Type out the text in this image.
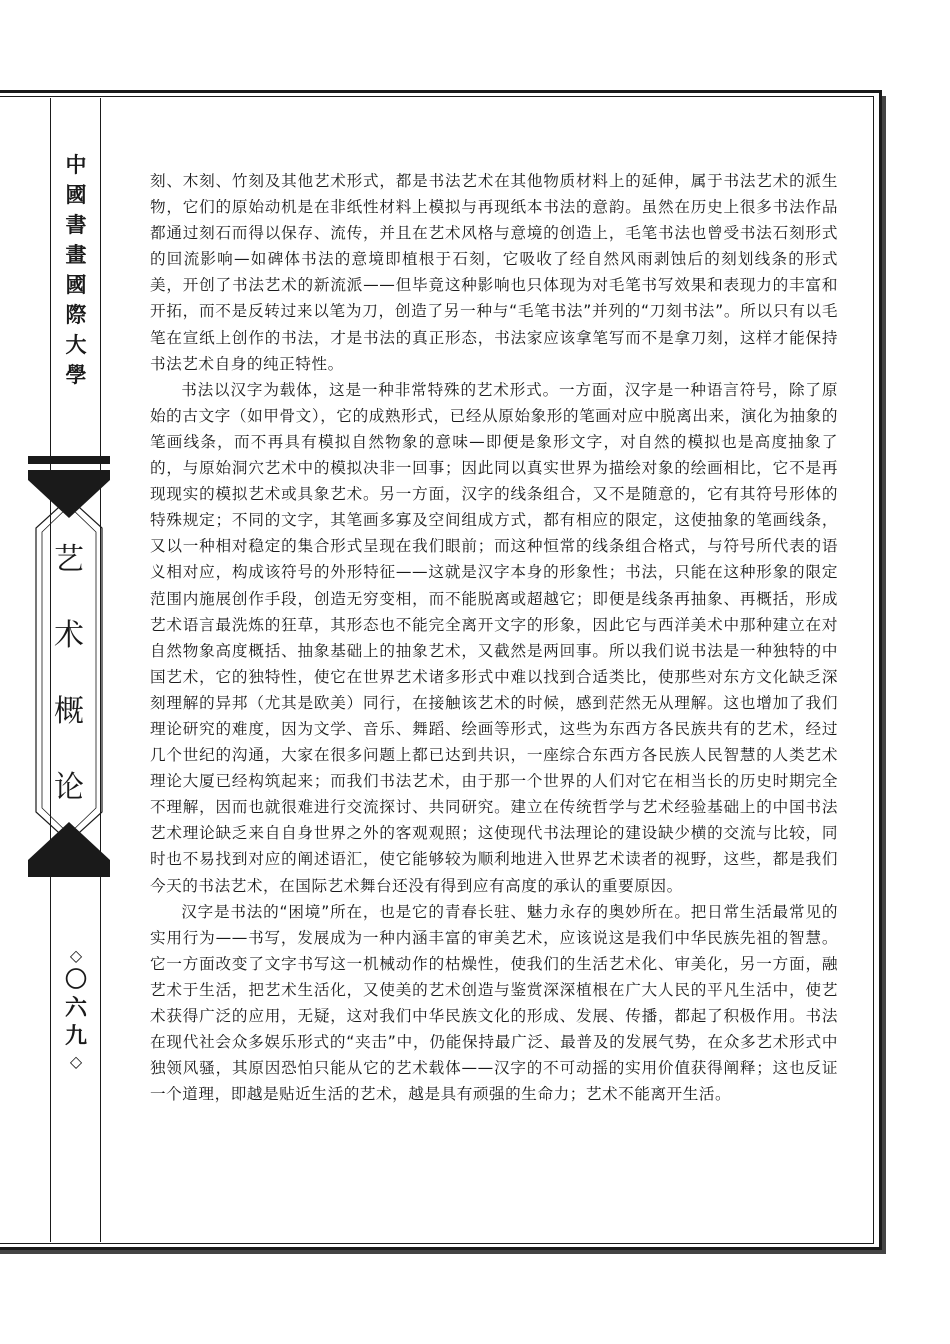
中
國
書
畫
國
際
大
學
艺
术
概
论
◇
〇
六
九
◇

刻、木刻、竹刻及其他艺术形式，都是书法艺术在其他物质材料上的延伸，属于书法艺术的派生物，它们的原始动机是在非纸性材料上模拟与再现纸本书法的意韵。虽然在历史上很多书法作品都通过刻石而得以保存、流传，并且在艺术风格与意境的创造上，毛笔书法也曾受书法石刻形式的回流影响—如碑体书法的意境即植根于石刻，它吸收了经自然风雨剥蚀后的刻划线条的形式美，开创了书法艺术的新流派——但毕竟这种影响也只体现为对毛笔书写效果和表现力的丰富和开拓，而不是反转过来以笔为刀，创造了另一种与“毛笔书法”并列的“刀刻书法”。所以只有以毛笔在宣纸上创作的书法，才是书法的真正形态，书法家应该拿笔写而不是拿刀刻，这样才能保持书法艺术自身的纯正特性。

书法以汉字为载体，这是一种非常特殊的艺术形式。一方面，汉字是一种语言符号，除了原始的古文字（如甲骨文），它的成熟形式，已经从原始象形的笔画对应中脱离出来，演化为抽象的笔画线条，而不再具有模拟自然物象的意味—即便是象形文字，对自然的模拟也是高度抽象了的，与原始洞穴艺术中的模拟决非一回事；因此同以真实世界为描绘对象的绘画相比，它不是再现现实的模拟艺术或具象艺术。另一方面，汉字的线条组合，又不是随意的，它有其符号形体的特殊规定；不同的文字，其笔画多寡及空间组成方式，都有相应的限定，这使抽象的笔画线条，又以一种相对稳定的集合形式呈现在我们眼前；而这种恒常的线条组合格式，与符号所代表的语义相对应，构成该符号的外形特征——这就是汉字本身的形象性；书法，只能在这种形象的限定范围内施展创作手段，创造无穷变相，而不能脱离或超越它；即便是线条再抽象、再概括，形成艺术语言最洗炼的狂草，其形态也不能完全离开文字的形象，因此它与西洋美术中那种建立在对自然物象高度概括、抽象基础上的抽象艺术，又截然是两回事。所以我们说书法是一种独特的中国艺术，它的独特性，使它在世界艺术诸多形式中难以找到合适类比，使那些对东方文化缺乏深刻理解的异邦（尤其是欧美）同行，在接触该艺术的时候，感到茫然无从理解。这也增加了我们理论研究的难度，因为文学、音乐、舞蹈、绘画等形式，这些为东西方各民族共有的艺术，经过几个世纪的沟通，大家在很多问题上都已达到共识，一座综合东西方各民族人民智慧的人类艺术理论大厦已经构筑起来；而我们书法艺术，由于那一个世界的人们对它在相当长的历史时期完全不理解，因而也就很难进行交流探讨、共同研究。建立在传统哲学与艺术经验基础上的中国书法艺术理论缺乏来自自身世界之外的客观观照；这使现代书法理论的建设缺少横的交流与比较，同时也不易找到对应的阐述语汇，使它能够较为顺利地进入世界艺术读者的视野，这些，都是我们今天的书法艺术，在国际艺术舞台还没有得到应有高度的承认的重要原因。

汉字是书法的“困境”所在，也是它的青春长驻、魅力永存的奥妙所在。把日常生活最常见的实用行为——书写，发展成为一种内涵丰富的审美艺术，应该说这是我们中华民族先祖的智慧。它一方面改变了文字书写这一机械动作的枯燥性，使我们的生活艺术化、审美化，另一方面，融艺术于生活，把艺术生活化，又使美的艺术创造与鉴赏深深植根在广大人民的平凡生活中，使艺术获得广泛的应用，无疑，这对我们中华民族文化的形成、发展、传播，都起了积极作用。书法在现代社会众多娱乐形式的“夹击”中，仍能保持最广泛、最普及的发展气势，在众多艺术形式中独领风骚，其原因恐怕只能从它的艺术载体——汉字的不可动摇的实用价值获得阐释；这也反证一个道理，即越是贴近生活的艺术，越是具有顽强的生命力；艺术不能离开生活。
